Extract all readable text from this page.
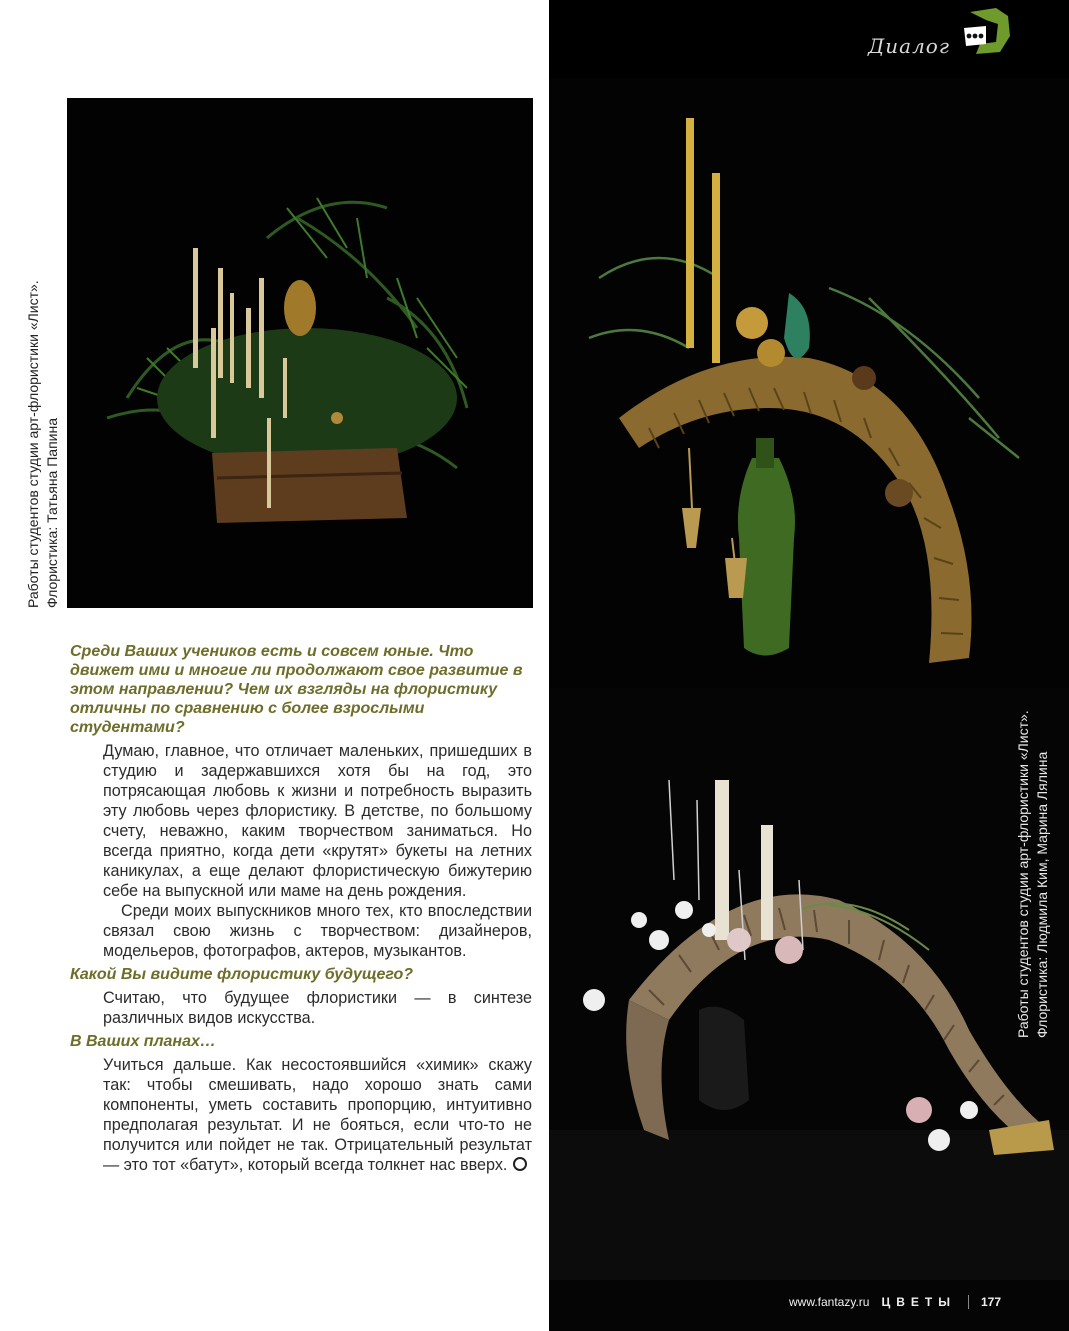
Диалог
Работы студентов студии арт-флористики «Лист». Флористика: Татьяна Папина
Работы студентов студии арт-флористики «Лист». Флористика: Людмила Ким, Марина Лялина

Среди Ваших учеников есть и совсем юные. Что движет ими и многие ли продолжают свое развитие в этом направлении? Чем их взгляды на флористику отличны по сравнению с более взрослыми студентами?

Думаю, главное, что отличает маленьких, пришедших в студию и задержавшихся хотя бы на год, это потрясающая любовь к жизни и потребность выразить эту любовь через флористику. В детстве, по большому счету, неважно, каким творчеством заниматься. Но всегда приятно, когда дети «крутят» букеты на летних каникулах, а еще делают флористическую бижутерию себе на выпускной или маме на день рождения.

Среди моих выпускников много тех, кто впоследствии связал свою жизнь с творчеством: дизайнеров, модельеров, фотографов, актеров, музыкантов.

Какой Вы видите флористику будущего?

Считаю, что будущее флористики — в синтезе различных видов искусства.

В Ваших планах…

Учиться дальше. Как несостоявшийся «химик» скажу так: чтобы смешивать, надо хорошо знать сами компоненты, уметь составить пропорцию, интуитивно предполагая результат. И не бояться, если что-то не получится или пойдет не так. Отрицательный результат — это тот «батут», который всегда толкнет нас вверх.

www.fantazy.ru ЦВЕТЫ 177
